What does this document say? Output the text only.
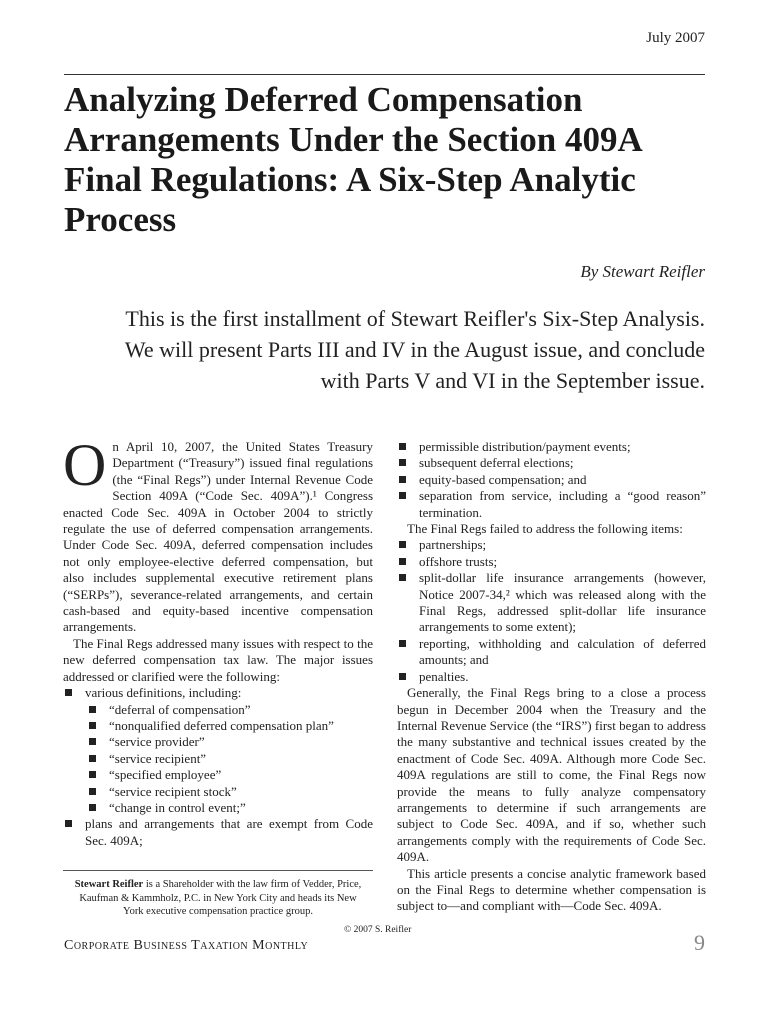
July 2007
Analyzing Deferred Compensation Arrangements Under the Section 409A Final Regulations: A Six-Step Analytic Process
By Stewart Reifler

This is the first installment of Stewart Reifler's Six-Step Analysis.
We will present Parts III and IV in the August issue, and conclude
with Parts V and VI in the September issue.

On April 10, 2007, the United States Treasury Department (“Treasury”) issued final regulations (the “Final Regs”) under Internal Revenue Code Section 409A (“Code Sec. 409A”).¹ Congress enacted Code Sec. 409A in October 2004 to strictly regulate the use of deferred compensation arrangements. Under Code Sec. 409A, deferred compensation includes not only employee-elective deferred compensation, but also includes supplemental executive retirement plans (“SERPs”), severance-related arrangements, and certain cash-based and equity-based incentive compensation arrangements.

The Final Regs addressed many issues with respect to the new deferred compensation tax law. The major issues addressed or clarified were the following:

various definitions, including:
“deferral of compensation”
“nonqualified deferred compensation plan”
“service provider”
“service recipient”
“specified employee”
“service recipient stock”
“change in control event;”
plans and arrangements that are exempt from Code Sec. 409A;

Stewart Reifler is a Shareholder with the law firm of Vedder, Price, Kaufman & Kammholz, P.C. in New York City and heads its New York executive compensation practice group.

permissible distribution/payment events;
subsequent deferral elections;
equity-based compensation; and
separation from service, including a “good reason” termination.

The Final Regs failed to address the following items:

partnerships;
offshore trusts;
split-dollar life insurance arrangements (however, Notice 2007-34,² which was released along with the Final Regs, addressed split-dollar life insurance arrangements to some extent);
reporting, withholding and calculation of deferred amounts; and
penalties.

Generally, the Final Regs bring to a close a process begun in December 2004 when the Treasury and the Internal Revenue Service (the “IRS”) first began to address the many substantive and technical issues created by the enactment of Code Sec. 409A. Although more Code Sec. 409A regulations are still to come, the Final Regs now provide the means to fully analyze compensatory arrangements to determine if such arrangements are subject to Code Sec. 409A, and if so, whether such arrangements comply with the requirements of Code Sec. 409A.

This article presents a concise analytic framework based on the Final Regs to determine whether compensation is subject to—and compliant with—Code Sec. 409A.

© 2007 S. Reifler
Corporate Business Taxation Monthly	9
